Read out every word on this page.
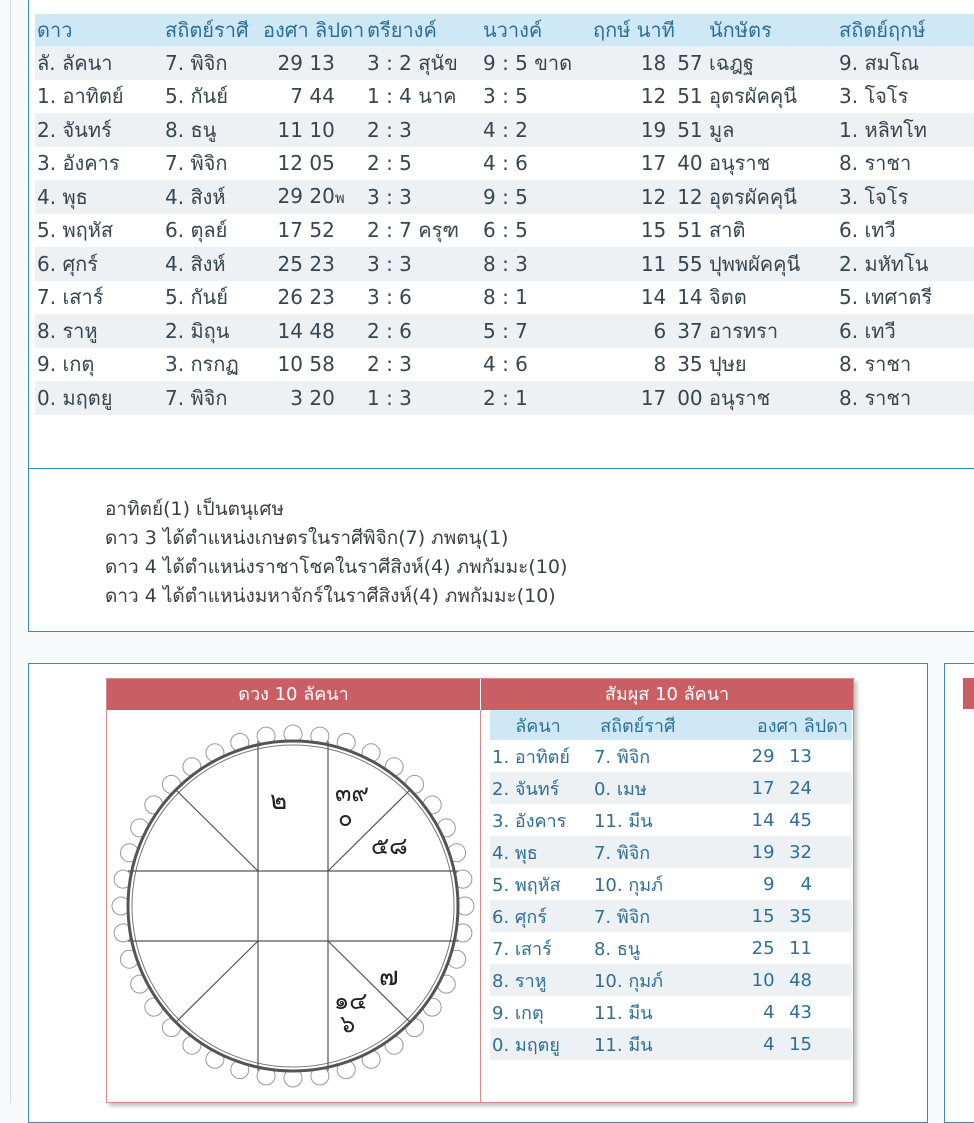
ดาว	สถิตย์ราศี	องศา ลิปดา	ตรียางค์	นวางค์	ฤกษ์ นาที	นักษัตร	สถิตย์ฤกษ์
ลั. ลัคนา	7. พิจิก	29 13	3 : 2 สุนัข	9 : 5 ขาด	18 57	เฉฎฐ	9. สมโณ
1. อาทิตย์	5. กันย์	7 44	1 : 4 นาค	3 : 5	12 51	อุตรผัคคุนี	3. โจโร
2. จันทร์	8. ธนู	11 10	2 : 3	4 : 2	19 51	มูล	1. หลิทโท
3. อังคาร	7. พิจิก	12 05	2 : 5	4 : 6	17 40	อนุราช	8. ราชา
4. พุธ	4. สิงห์	29 20พ	3 : 3	9 : 5	12 12	อุตรผัคคุนี	3. โจโร
5. พฤหัส	6. ตุลย์	17 52	2 : 7 ครุฑ	6 : 5	15 51	สาติ	6. เทวี
6. ศุกร์	4. สิงห์	25 23	3 : 3	8 : 3	11 55	ปุพพผัคคุนี	2. มหัทโน
7. เสาร์	5. กันย์	26 23	3 : 6	8 : 1	14 14	จิตต	5. เทศาตรี
8. ราหู	2. มิถุน	14 48	2 : 6	5 : 7	6 37	อารทรา	6. เทวี
9. เกตุ	3. กรกฏ	10 58	2 : 3	4 : 6	8 35	ปุษย	8. ราชา
0. มฤตยู	7. พิจิก	3 20	1 : 3	2 : 1	17 00	อนุราช	8. ราชา
อาทิตย์(1) เป็นตนุเศษ
ดาว 3 ได้ตำแหน่งเกษตรในราศีพิจิก(7) ภพตนุ(1)
ดาว 4 ได้ตำแหน่งราชาโชคในราศีสิงห์(4) ภพกัมมะ(10)
ดาว 4 ได้ตำแหน่งมหาจักร์ในราศีสิงห์(4) ภพกัมมะ(10)
ดวง 10 ลัคนา	สัมผุส 10 ลัคนา
๒ ๓๙
๐
๕๘
๗
๑๔
๖
ลัคนา	สถิตย์ราศี	องศา ลิปดา
1. อาทิตย์	7. พิจิก	29 13
2. จันทร์	0. เมษ	17 24
3. อังคาร	11. มีน	14 45
4. พุธ	7. พิจิก	19 32
5. พฤหัส	10. กุมภ์	9 4
6. ศุกร์	7. พิจิก	15 35
7. เสาร์	8. ธนู	25 11
8. ราหู	10. กุมภ์	10 48
9. เกตุ	11. มีน	4 43
0. มฤตยู	11. มีน	4 15
